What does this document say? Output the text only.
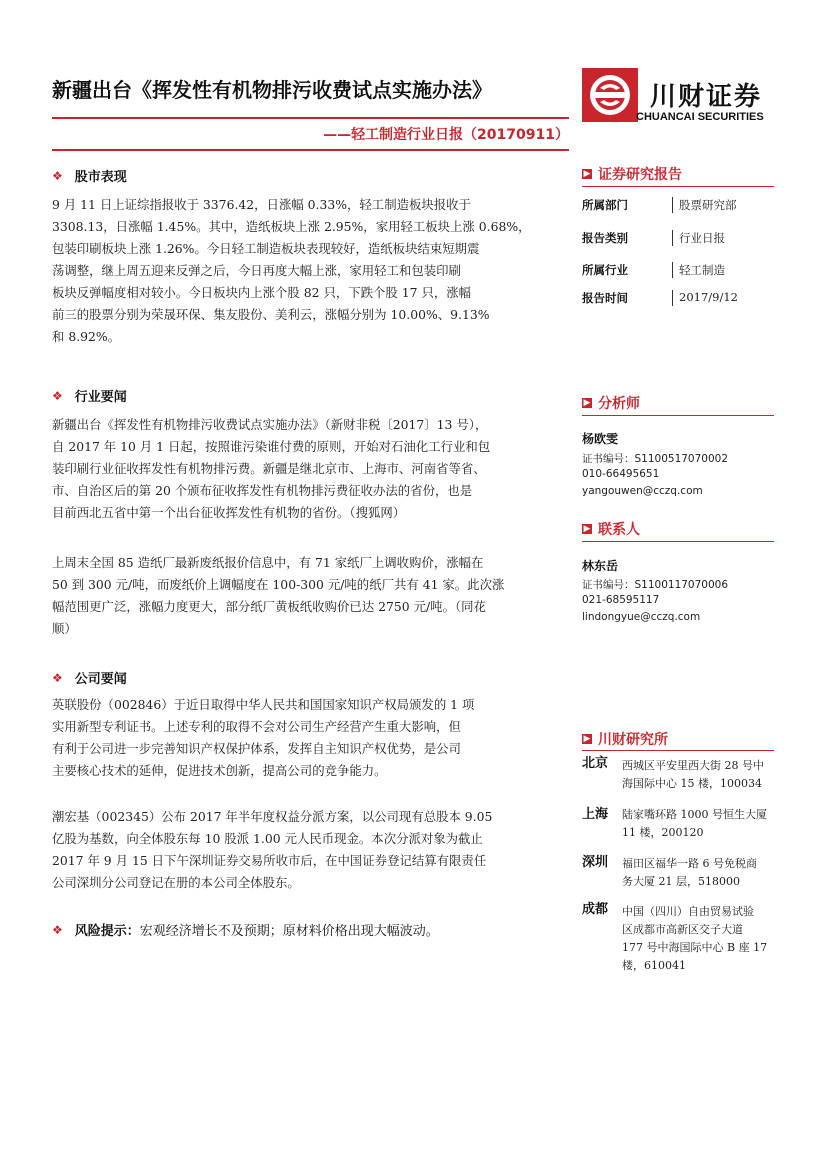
新疆出台《挥发性有机物排污收费试点实施办法》
——轻工制造行业日报（20170911）
川财证券
CHUANCAI SECURITIES
❖ 股市表现
9 月 11 日上证综指报收于 3376.42，日涨幅 0.33%，轻工制造板块报收于
3308.13，日涨幅 1.45%。其中，造纸板块上涨 2.95%，家用轻工板块上涨 0.68%，
包装印刷板块上涨 1.26%。今日轻工制造板块表现较好，造纸板块结束短期震
荡调整，继上周五迎来反弹之后，今日再度大幅上涨，家用轻工和包装印刷
板块反弹幅度相对较小。今日板块内上涨个股 82 只，下跌个股 17 只，涨幅
前三的股票分别为荣晟环保、集友股份、美利云，涨幅分别为 10.00%、9.13%
和 8.92%。
❖ 行业要闻
新疆出台《挥发性有机物排污收费试点实施办法》（新财非税〔2017〕13 号），
自 2017 年 10 月 1 日起，按照谁污染谁付费的原则，开始对石油化工行业和包
装印刷行业征收挥发性有机物排污费。新疆是继北京市、上海市、河南省等省、
市、自治区后的第 20 个颁布征收挥发性有机物排污费征收办法的省份，也是
目前西北五省中第一个出台征收挥发性有机物的省份。（搜狐网）
上周末全国 85 造纸厂最新废纸报价信息中，有 71 家纸厂上调收购价，涨幅在
50 到 300 元/吨，而废纸价上调幅度在 100-300 元/吨的纸厂共有 41 家。此次涨
幅范围更广泛，涨幅力度更大，部分纸厂黄板纸收购价已达 2750 元/吨。（同花
顺）
❖ 公司要闻
英联股份（002846）于近日取得中华人民共和国国家知识产权局颁发的 1 项
实用新型专利证书。上述专利的取得不会对公司生产经营产生重大影响，但
有利于公司进一步完善知识产权保护体系，发挥自主知识产权优势，是公司
主要核心技术的延伸，促进技术创新，提高公司的竞争能力。
潮宏基（002345）公布 2017 年半年度权益分派方案，以公司现有总股本 9.05
亿股为基数，向全体股东每 10 股派 1.00 元人民币现金。本次分派对象为截止
2017 年 9 月 15 日下午深圳证券交易所收市后，在中国证券登记结算有限责任
公司深圳分公司登记在册的本公司全体股东。
❖ 风险提示： 宏观经济增长不及预期；原材料价格出现大幅波动。
▶ 证券研究报告
所属部门	股票研究部
报告类别	行业日报
所属行业	轻工制造
报告时间	2017/9/12
▶ 分析师
杨欧雯
证书编号：S1100517070002
010-66495651
yangouwen@cczq.com
▶ 联系人
林东岳
证书编号：S1100117070006
021-68595117
lindongyue@cczq.com
▶ 川财研究所
北京 西城区平安里西大街 28 号中
海国际中心 15 楼，100034
上海 陆家嘴环路 1000 号恒生大厦
11 楼，200120
深圳 福田区福华一路 6 号免税商
务大厦 21 层，518000
成都 中国（四川）自由贸易试验
区成都市高新区交子大道
177 号中海国际中心 B 座 17
楼，610041
